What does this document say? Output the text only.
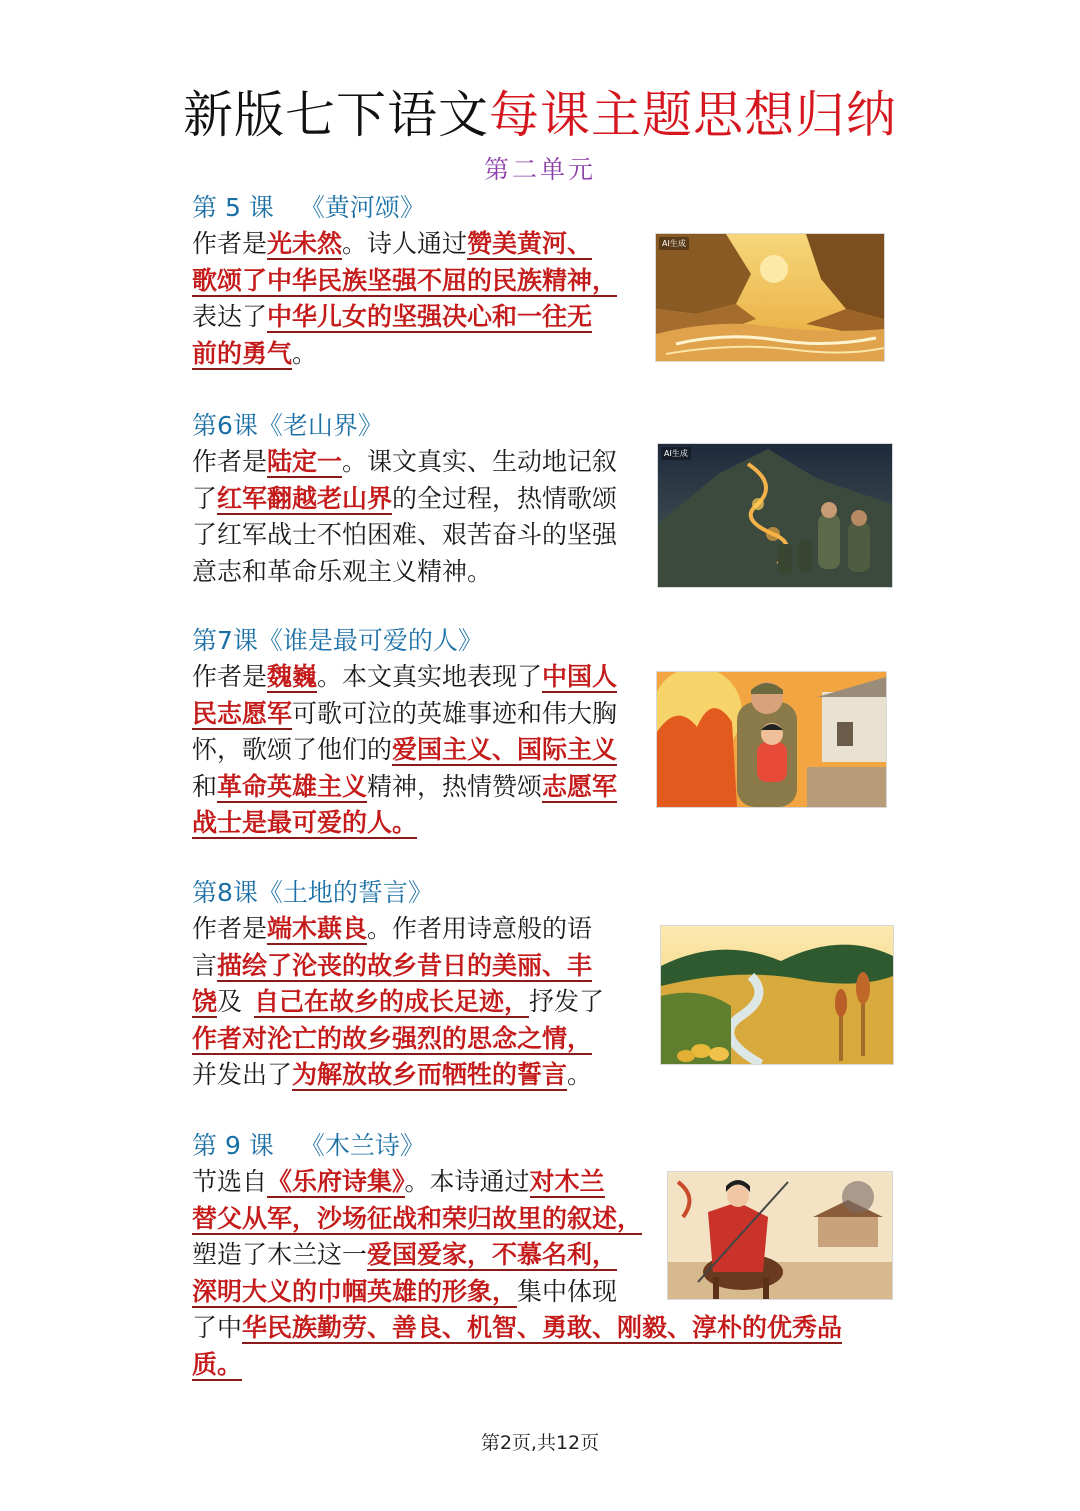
新版七下语文每课主题思想归纳
第二单元
第 5 课 《黄河颂》

作者是光未然。诗人通过赞美黄河、

歌颂了中华民族坚强不屈的民族精神，

表达了中华儿女的坚强决心和一往无

前的勇气。

AI生成
第6课《老山界》

作者是陆定一。课文真实、生动地记叙

了红军翻越老山界的全过程，热情歌颂

了红军战士不怕困难、艰苦奋斗的坚强

意志和革命乐观主义精神。

AI生成
第7课《谁是最可爱的人》

作者是魏巍。本文真实地表现了中国人

民志愿军可歌可泣的英雄事迹和伟大胸

怀，歌颂了他们的爱国主义、国际主义

和革命英雄主义精神，热情赞颂志愿军

战士是最可爱的人。

第8课《土地的誓言》

作者是端木蕻良。作者用诗意般的语

言描绘了沦丧的故乡昔日的美丽、丰

饶及 自己在故乡的成长足迹，抒发了

作者对沦亡的故乡强烈的思念之情，

并发出了为解放故乡而牺牲的誓言。

第 9 课 《木兰诗》

节选自《乐府诗集》。本诗通过对木兰

替父从军，沙场征战和荣归故里的叙述，

塑造了木兰这一爱国爱家，不慕名利，

深明大义的巾帼英雄的形象，集中体现

了中华民族勤劳、善良、机智、勇敢、刚毅、淳朴的优秀品

质。

第2页,共12页
